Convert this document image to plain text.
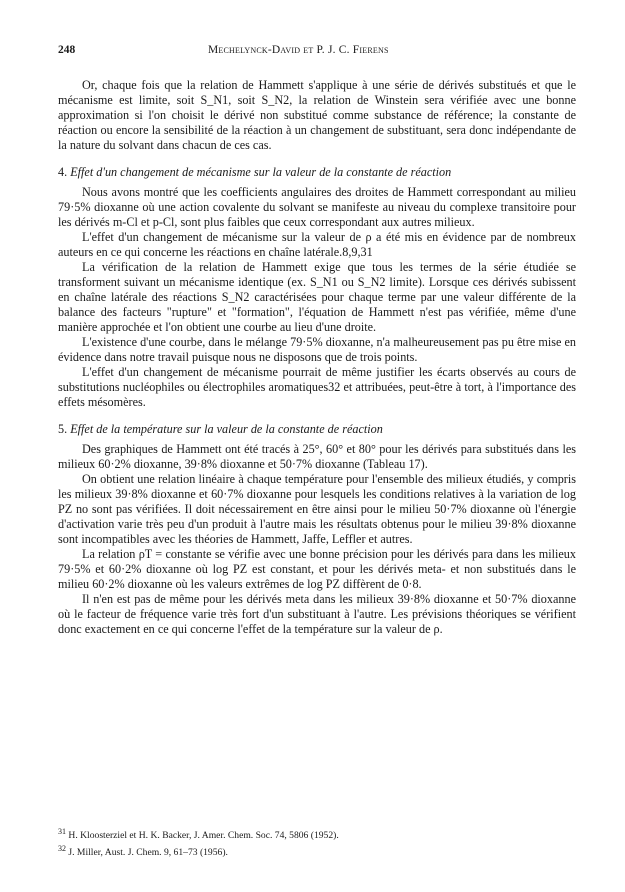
248	Mechelynck-David et P. J. C. Fierens

Or, chaque fois que la relation de Hammett s'applique à une série de dérivés substitués et que le mécanisme est limite, soit S_N1, soit S_N2, la relation de Winstein sera vérifiée avec une bonne approximation si l'on choisit le dérivé non substitué comme substance de référence; la constante de réaction ou encore la sensibilité de la réaction à un changement de substituant, sera donc indépendante de la nature du solvant dans chacun de ces cas.

4. Effet d'un changement de mécanisme sur la valeur de la constante de réaction

Nous avons montré que les coefficients angulaires des droites de Hammett correspondant au milieu 79·5% dioxanne où une action covalente du solvant se manifeste au niveau du complexe transitoire pour les dérivés m-Cl et p-Cl, sont plus faibles que ceux correspondant aux autres milieux.

L'effet d'un changement de mécanisme sur la valeur de ρ a été mis en évidence par de nombreux auteurs en ce qui concerne les réactions en chaîne latérale.8,9,31

La vérification de la relation de Hammett exige que tous les termes de la série étudiée se transforment suivant un mécanisme identique (ex. S_N1 ou S_N2 limite). Lorsque ces dérivés subissent en chaîne latérale des réactions S_N2 caractérisées pour chaque terme par une valeur différente de la balance des facteurs "rupture" et "formation", l'équation de Hammett n'est pas vérifiée, même d'une manière approchée et l'on obtient une courbe au lieu d'une droite.

L'existence d'une courbe, dans le mélange 79·5% dioxanne, n'a malheureusement pas pu être mise en évidence dans notre travail puisque nous ne disposons que de trois points.

L'effet d'un changement de mécanisme pourrait de même justifier les écarts observés au cours de substitutions nucléophiles ou électrophiles aromatiques32 et attribuées, peut-être à tort, à l'importance des effets mésomères.

5. Effet de la température sur la valeur de la constante de réaction

Des graphiques de Hammett ont été tracés à 25°, 60° et 80° pour les dérivés para substitués dans les milieux 60·2% dioxanne, 39·8% dioxanne et 50·7% dioxanne (Tableau 17).

On obtient une relation linéaire à chaque température pour l'ensemble des milieux étudiés, y compris les milieux 39·8% dioxanne et 60·7% dioxanne pour lesquels les conditions relatives à la variation de log PZ no sont pas vérifiées. Il doit nécessairement en être ainsi pour le milieu 50·7% dioxanne où l'énergie d'activation varie très peu d'un produit à l'autre mais les résultats obtenus pour le milieu 39·8% dioxanne sont incompatibles avec les théories de Hammett, Jaffe, Leffler et autres.

La relation ρT = constante se vérifie avec une bonne précision pour les dérivés para dans les milieux 79·5% et 60·2% dioxanne où log PZ est constant, et pour les dérivés meta- et non substitués dans le milieu 60·2% dioxanne où les valeurs extrêmes de log PZ diffèrent de 0·8.

Il n'en est pas de même pour les dérivés meta dans les milieux 39·8% dioxanne et 50·7% dioxanne où le facteur de fréquence varie très fort d'un substituant à l'autre. Les prévisions théoriques se vérifient donc exactement en ce qui concerne l'effet de la température sur la valeur de ρ.

$^{31}$ H. Kloosterziel et H. K. Backer, J. Amer. Chem. Soc. 74, 5806 (1952).
$^{32}$ J. Miller, Aust. J. Chem. 9, 61–73 (1956).
